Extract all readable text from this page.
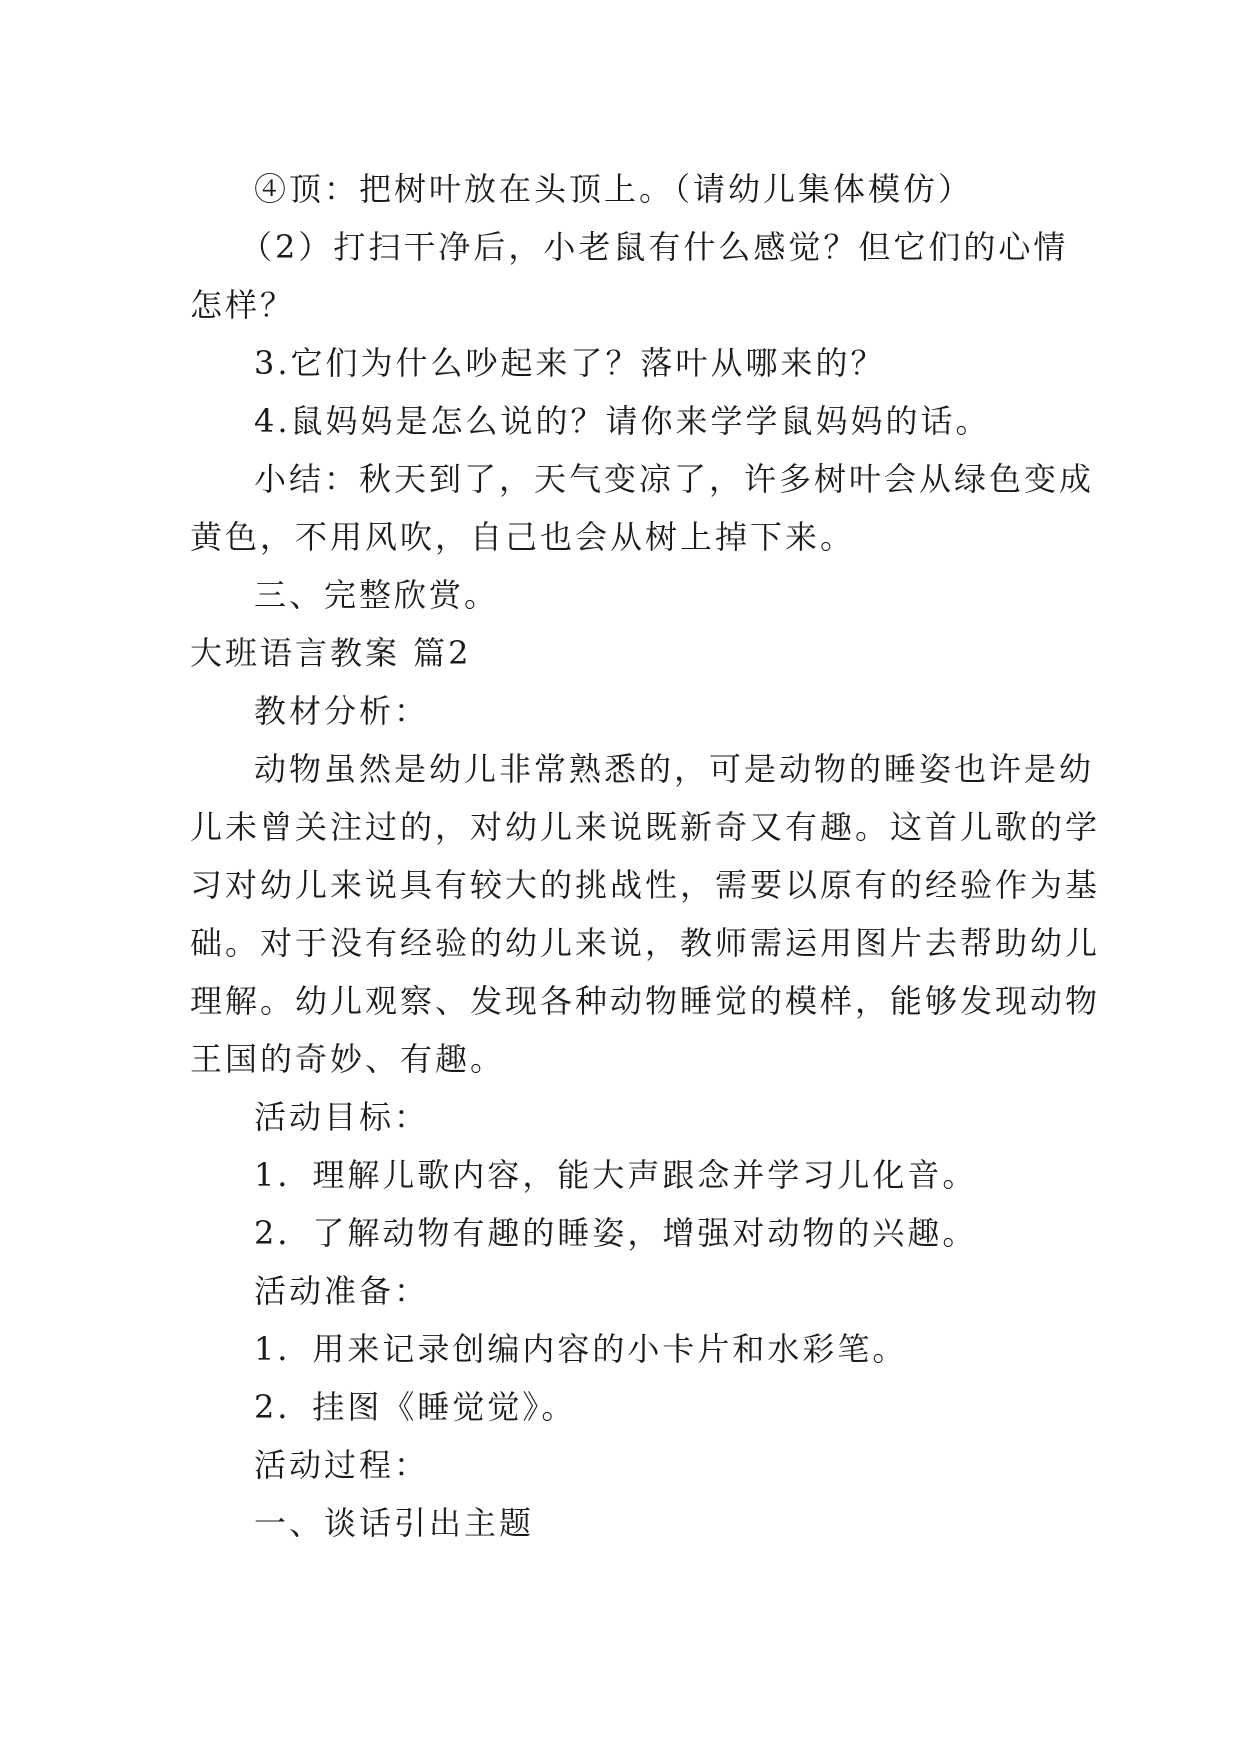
④顶：把树叶放在头顶上。（请幼儿集体模仿）
（2）打扫干净后，小老鼠有什么感觉？但它们的心情
怎样？
3.它们为什么吵起来了？落叶从哪来的？
4.鼠妈妈是怎么说的？请你来学学鼠妈妈的话。
小结：秋天到了，天气变凉了，许多树叶会从绿色变成
黄色，不用风吹，自己也会从树上掉下来。
三、完整欣赏。
大班语言教案 篇2
教材分析：
动物虽然是幼儿非常熟悉的，可是动物的睡姿也许是幼
儿未曾关注过的，对幼儿来说既新奇又有趣。这首儿歌的学
习对幼儿来说具有较大的挑战性，需要以原有的经验作为基
础。对于没有经验的幼儿来说，教师需运用图片去帮助幼儿
理解。幼儿观察、发现各种动物睡觉的模样，能够发现动物
王国的奇妙、有趣。
活动目标：
1．理解儿歌内容，能大声跟念并学习儿化音。
2．了解动物有趣的睡姿，增强对动物的兴趣。
活动准备：
1．用来记录创编内容的小卡片和水彩笔。
2．挂图《睡觉觉》。
活动过程：
一、谈话引出主题
